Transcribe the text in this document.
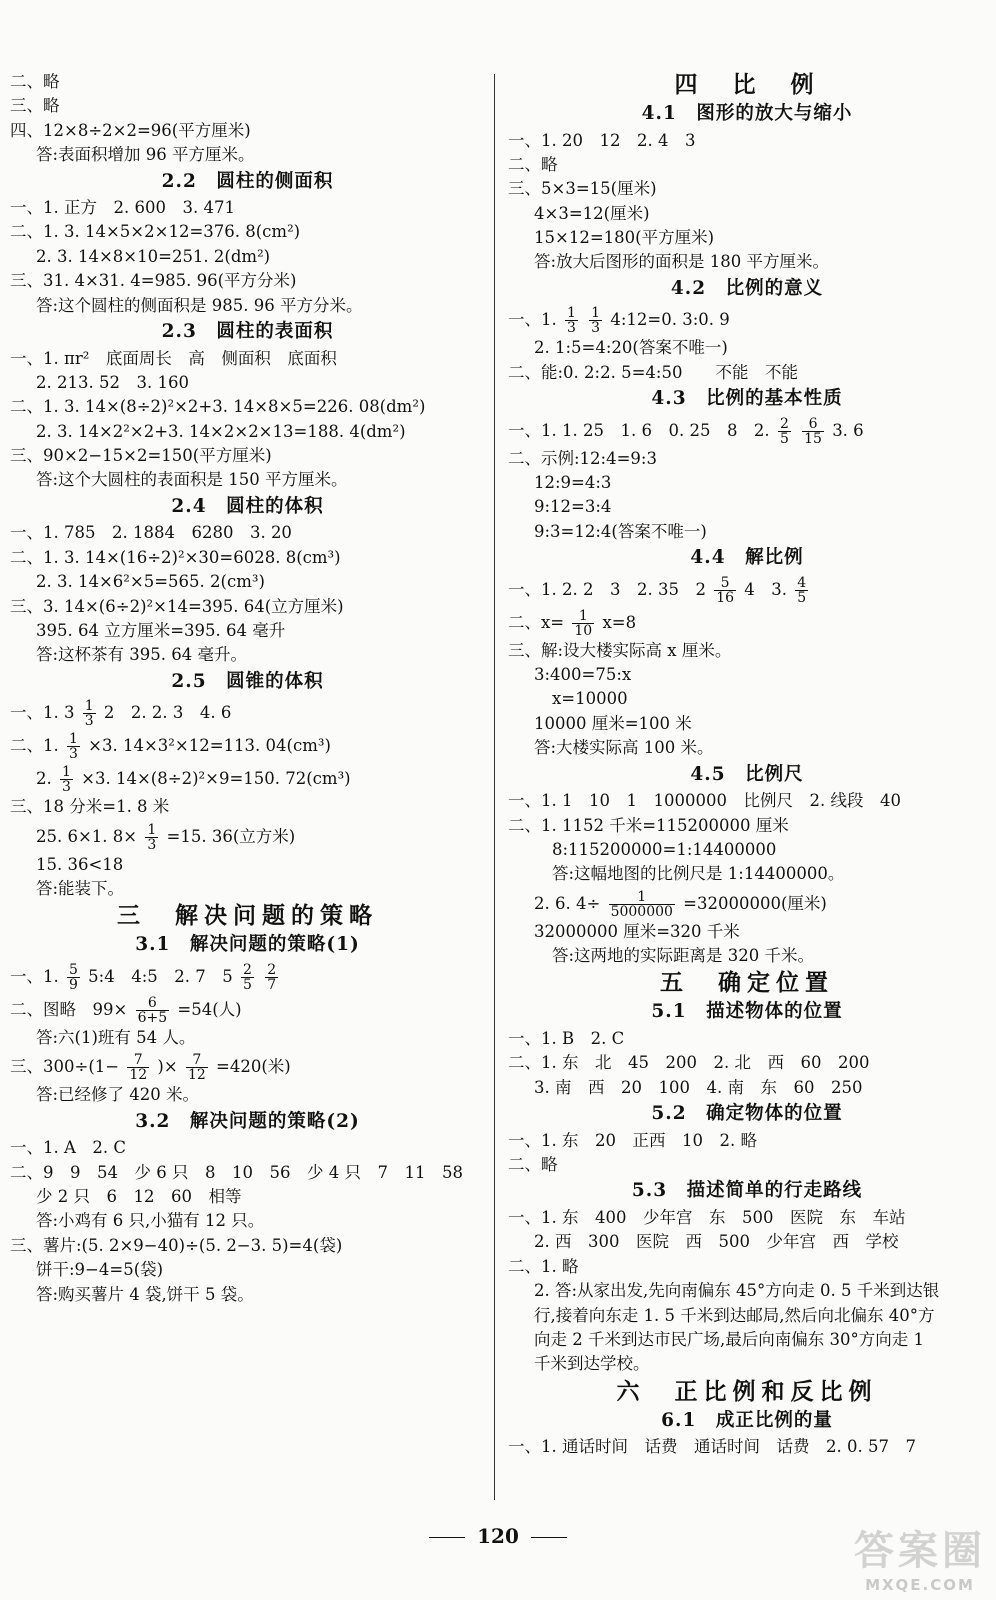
二、略
三、略
四、12×8÷2×2=96(平方厘米)
答:表面积增加 96 平方厘米。
2.2　圆柱的侧面积
一、1. 正方　2. 600　3. 471
二、1. 3. 14×5×2×12=376. 8(cm²)
2. 3. 14×8×10=251. 2(dm²)
三、31. 4×31. 4=985. 96(平方分米)
答:这个圆柱的侧面积是 985. 96 平方分米。
2.3　圆柱的表面积
一、1. πr²　底面周长　高　侧面积　底面积
2. 213. 52　3. 160
二、1. 3. 14×(8÷2)²×2+3. 14×8×5=226. 08(dm²)
2. 3. 14×2²×2+3. 14×2×2×13=188. 4(dm²)
三、90×2−15×2=150(平方厘米)
答:这个大圆柱的表面积是 150 平方厘米。
2.4　圆柱的体积
一、1. 785　2. 1884　6280　3. 20
二、1. 3. 14×(16÷2)²×30=6028. 8(cm³)
2. 3. 14×6²×5=565. 2(cm³)
三、3. 14×(6÷2)²×14=395. 64(立方厘米)
395. 64 立方厘米=395. 64 毫升
答:这杯茶有 395. 64 毫升。
2.5　圆锥的体积
一、1. $3 \frac{1}{3} 2$　2. 2. 3　4. 6
二、1. $\frac{1}{3} \times 3$. 14×3²×12=113. 04(cm³)
2. $\frac{1}{3} \times 3$. 14×(8÷2)²×9=150. 72(cm³)
三、18 分米=1. 8 米
25. 6×1. $8\times \frac{1}{3} =15$. 36(立方米)
15. 36<18
答:能装下。
三　解决问题的策略
3.1　解决问题的策略(1)
一、1. $\frac{5}{9}$ 5:4　4:5　2. 7　$5 \frac{2}{5}$
$\frac{2}{7}$
二、图略　$99\times \frac{6}{6+5} =54$(人)
答:六(1)班有 54 人。
三、$300\div(1- \frac{7}{12}$ )× $\frac{7}{12} =420$(米)
答:已经修了 420 米。
3.2　解决问题的策略(2)
一、1. A　2. C
二、9　9　54　少 6 只　8　10　56　少 4 只　7　11　58
少 2 只　6　12　60　相等
答:小鸡有 6 只,小猫有 12 只。
三、薯片:(5. 2×9−40)÷(5. 2−3. 5)=4(袋)
饼干:9−4=5(袋)
答:购买薯片 4 袋,饼干 5 袋。
四　比　例
4.1　图形的放大与缩小
一、1. 20　12　2. 4　3
二、略
三、5×3=15(厘米)
4×3=12(厘米)
15×12=180(平方厘米)
答:放大后图形的面积是 180 平方厘米。
4.2　比例的意义
一、1. $\frac{1}{3}$
$\frac{1}{3}$ 4:12=0. 3:0. 9
2. 1:5=4:20(答案不唯一)
二、能:0. 2:2. 5=4:50　　不能　不能
4.3　比例的基本性质
一、1. 1. 25　1. 6　0. 25　8　2. $\frac{2}{5}$
$\frac{6}{15} 3$. 6
二、示例:12:4=9:3
12:9=4:3
9:12=3:4
9:3=12:4(答案不唯一)
4.4　解比例
一、1. 2. 2　3　2. 35　$2 \frac{5}{16} 4$　3. $\frac{4}{5}$
二、$x= \frac{1}{10} x=8$
三、解:设大楼实际高 x 厘米。
3:400=75:x
x=10000
10000 厘米=100 米
答:大楼实际高 100 米。
4.5　比例尺
一、1. 1　10　1　1000000　比例尺　2. 线段　40
二、1. 1152 千米=115200000 厘米
8:115200000=1:14400000
答:这幅地图的比例尺是 1:14400000。
2. 6. $4\div \frac{1}{5000000} =32000000$(厘米)
32000000 厘米=320 千米
答:这两地的实际距离是 320 千米。
五　确定位置
5.1　描述物体的位置
一、1. B　2. C
二、1. 东　北　45　200　2. 北　西　60　200
3. 南　西　20　100　4. 南　东　60　250
5.2　确定物体的位置
一、1. 东　20　正西　10　2. 略
二、略
5.3　描述简单的行走路线
一、1. 东　400　少年宫　东　500　医院　东　车站
2. 西　300　医院　西　500　少年宫　西　学校
二、1. 略
2. 答:从家出发,先向南偏东 45°方向走 0. 5 千米到达银
行,接着向东走 1. 5 千米到达邮局,然后向北偏东 40°方
向走 2 千米到达市民广场,最后向南偏东 30°方向走 1
千米到达学校。
六　正比例和反比例
6.1　成正比例的量
一、1. 通话时间　话费　通话时间　话费　2. 0. 57　7
120	答案圈
MXQE.COM
